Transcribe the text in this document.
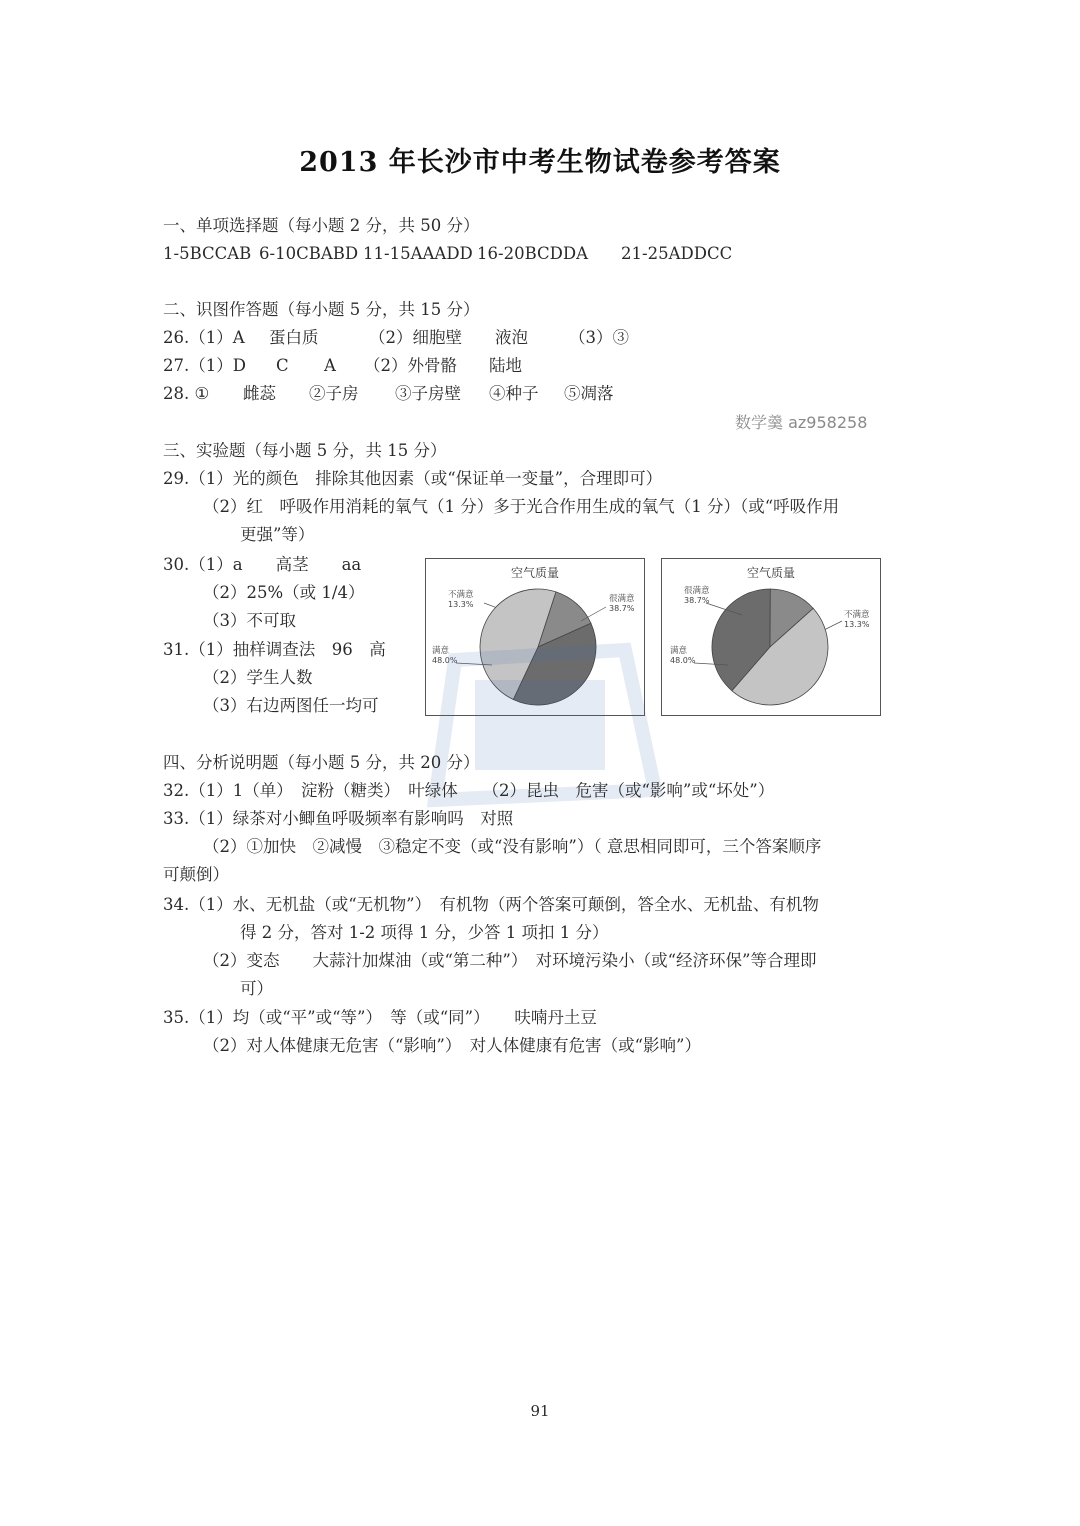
2013 年长沙市中考生物试卷参考答案
一、单项选择题（每小题 2 分，共 50 分）
1-5BCCAB 6-10CBABD 11-15AAADD 16-20BCDDA 21-25ADDCC
二、识图作答题（每小题 5 分，共 15 分）
26.（1）A 蛋白质	（2）细胞壁 液泡 （3）③
27.（1）D C A （2）外骨骼 陆地
28. ① 雌蕊 ②子房 ③子房壁 ④种子 ⑤凋落
数学羹 az958258
三、实验题（每小题 5 分，共 15 分）
29.（1）光的颜色　排除其他因素（或“保证单一变量”，合理即可）
（2）红　呼吸作用消耗的氧气（1 分）多于光合作用生成的氧气（1 分）（或“呼吸作用
更强”等）
30.（1）a　　高茎　　aa
（2）25%（或 1/4）
（3）不可取
31.（1）抽样调查法　96　高
（2）学生人数
（3）右边两图任一均可
空气质量
不满意
13.3%
很满意
38.7%
满意
48.0%
空气质量
很满意
38.7%
不满意
13.3%
满意
48.0%
四、分析说明题（每小题 5 分，共 20 分）
32.（1）1（单）　淀粉（糖类）　叶绿体　　（2）昆虫　危害（或“影响”或“坏处”）
33.（1）绿茶对小鲫鱼呼吸频率有影响吗　对照
（2）①加快　②减慢　③稳定不变（或“没有影响”）（ 意思相同即可，三个答案顺序
可颠倒）
34.（1）水、无机盐（或“无机物”）　有机物（两个答案可颠倒，答全水、无机盐、有机物
得 2 分，答对 1-2 项得 1 分，少答 1 项扣 1 分）
（2）变态　　大蒜汁加煤油（或“第二种”）　对环境污染小（或“经济环保”等合理即
可）
35.（1）均（或“平”或“等”）　等（或“同”）　　呋喃丹土豆
（2）对人体健康无危害（“影响”）　对人体健康有危害（或“影响”）
91
